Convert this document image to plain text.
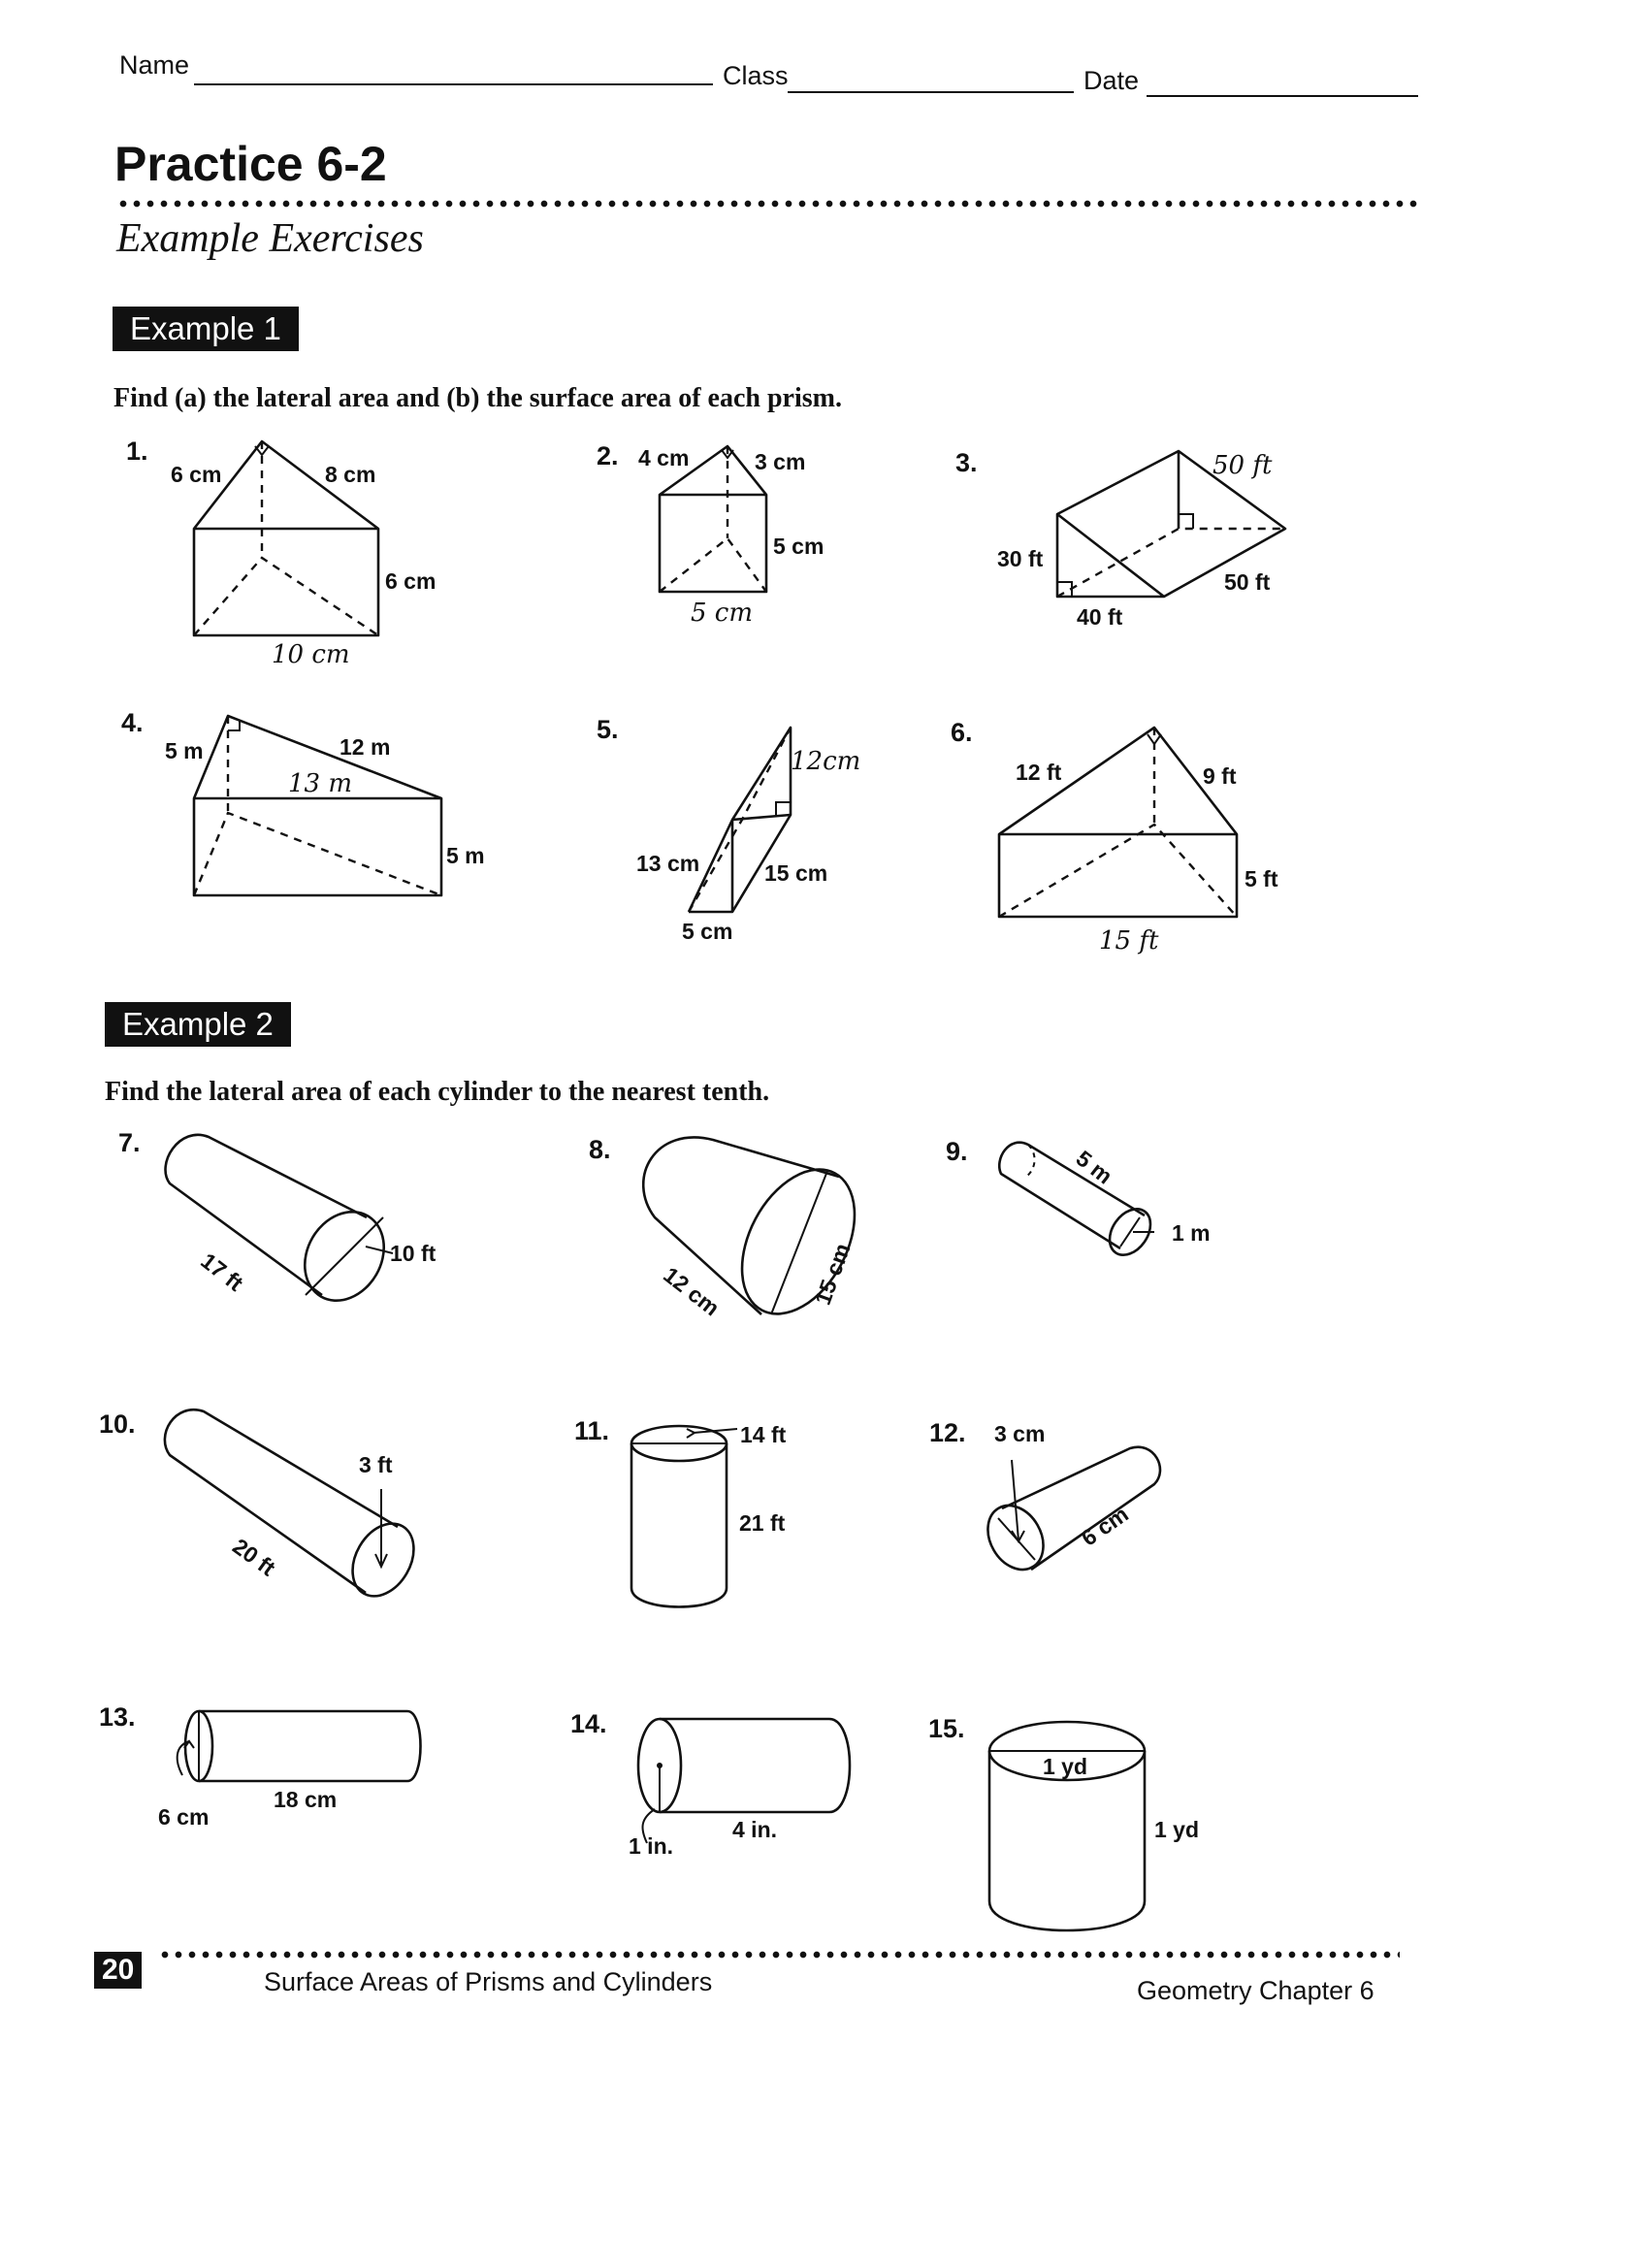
Name	Class	Date
Practice 6-2
Example Exercises
Example 1
Find (a) the lateral area and (b) the surface area of each prism.
1.
6 cm	8 cm
6 cm
10 cm
2. 4 cm	3 cm
5 cm
5 cm
3.	50 ft
30 ft
50 ft
40 ft
4.
5 m	12 m
13 m
5 m
5.
12cm
13 cm	15 cm
5 cm
6.
12 ft	9 ft
5 ft
15 ft
Example 2
Find the lateral area of each cylinder to the nearest tenth.
7.
10 ft
17 ft
8.
12 cm	15 cm
9.	5 m
1 m
10.
3 ft
20 ft
11.	14 ft
21 ft
12. 3 cm
6 cm
13.
6 cm
18 cm
14.
1 in.
4 in.
15.
1 yd
1 yd
20	Surface Areas of Prisms and Cylinders	Geometry Chapter 6
